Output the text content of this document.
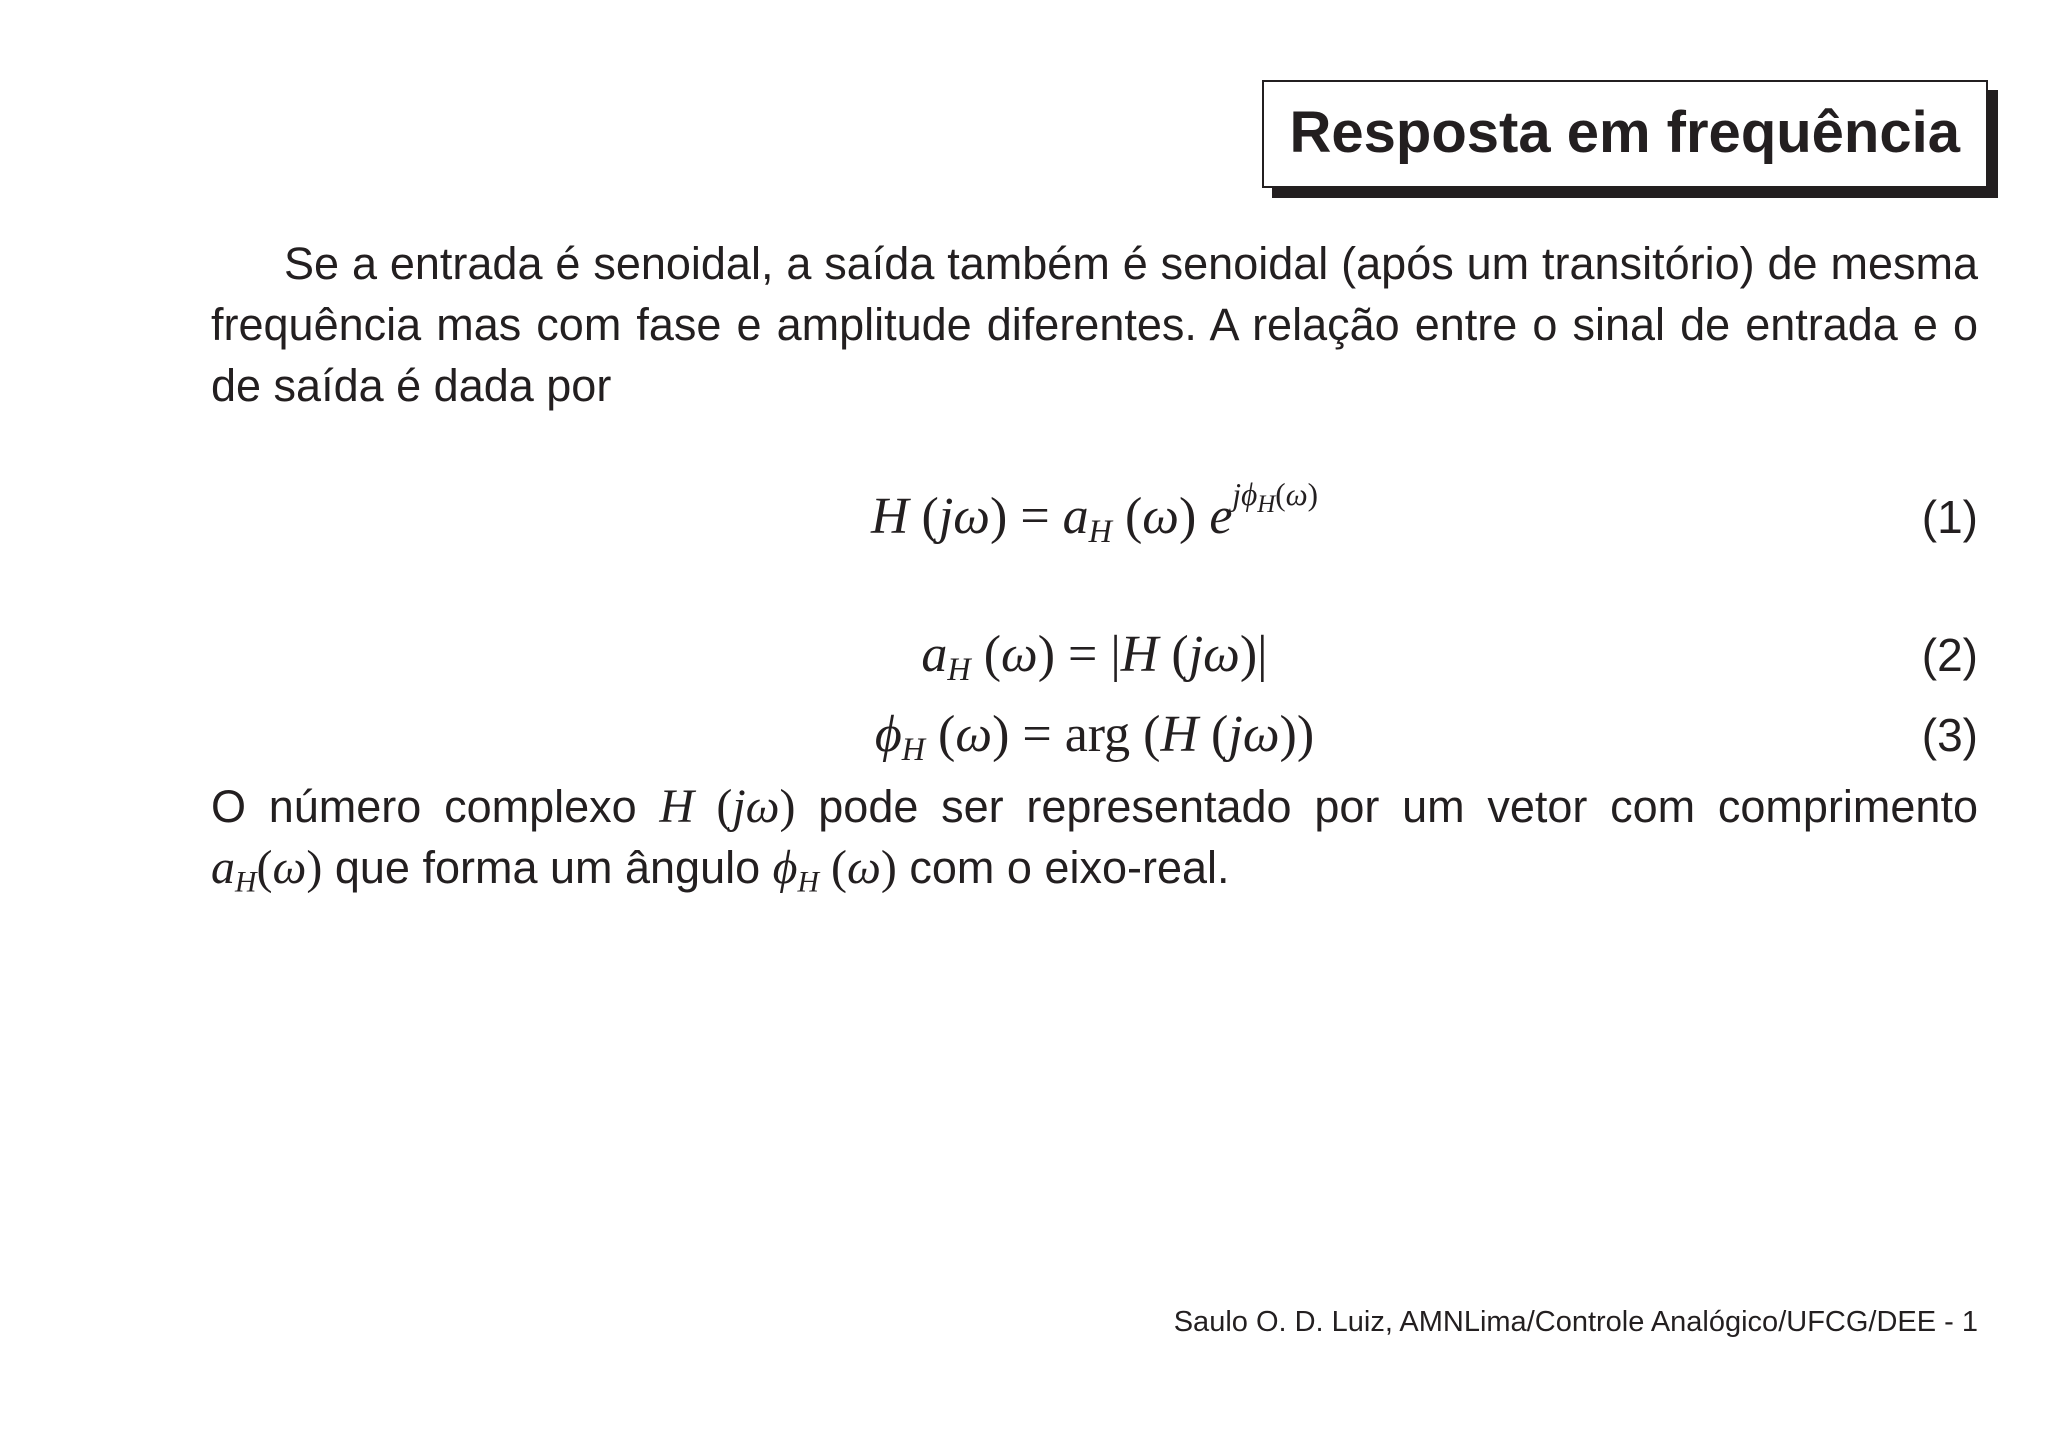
Resposta em frequência

Se a entrada é senoidal, a saída também é senoidal (após um transitório) de mesma frequência mas com fase e amplitude diferentes. A relação entre o sinal de entrada e o de saída é dada por

H $(j\omega) = a_H$ (ω) $e^{j\phi_H(\omega)}$	(1)
$a_H$ (ω) = |H (jω)|	(2)
$\phi_H$ (ω) = arg (H (jω))	(3)

O número complexo H (jω) pode ser representado por um vetor com comprimento $a_H(\omega)$ que forma um ângulo $\phi_H$ (ω) com o eixo-real.

Saulo O. D. Luiz, AMNLima/Controle Analógico/UFCG/DEE - 1
